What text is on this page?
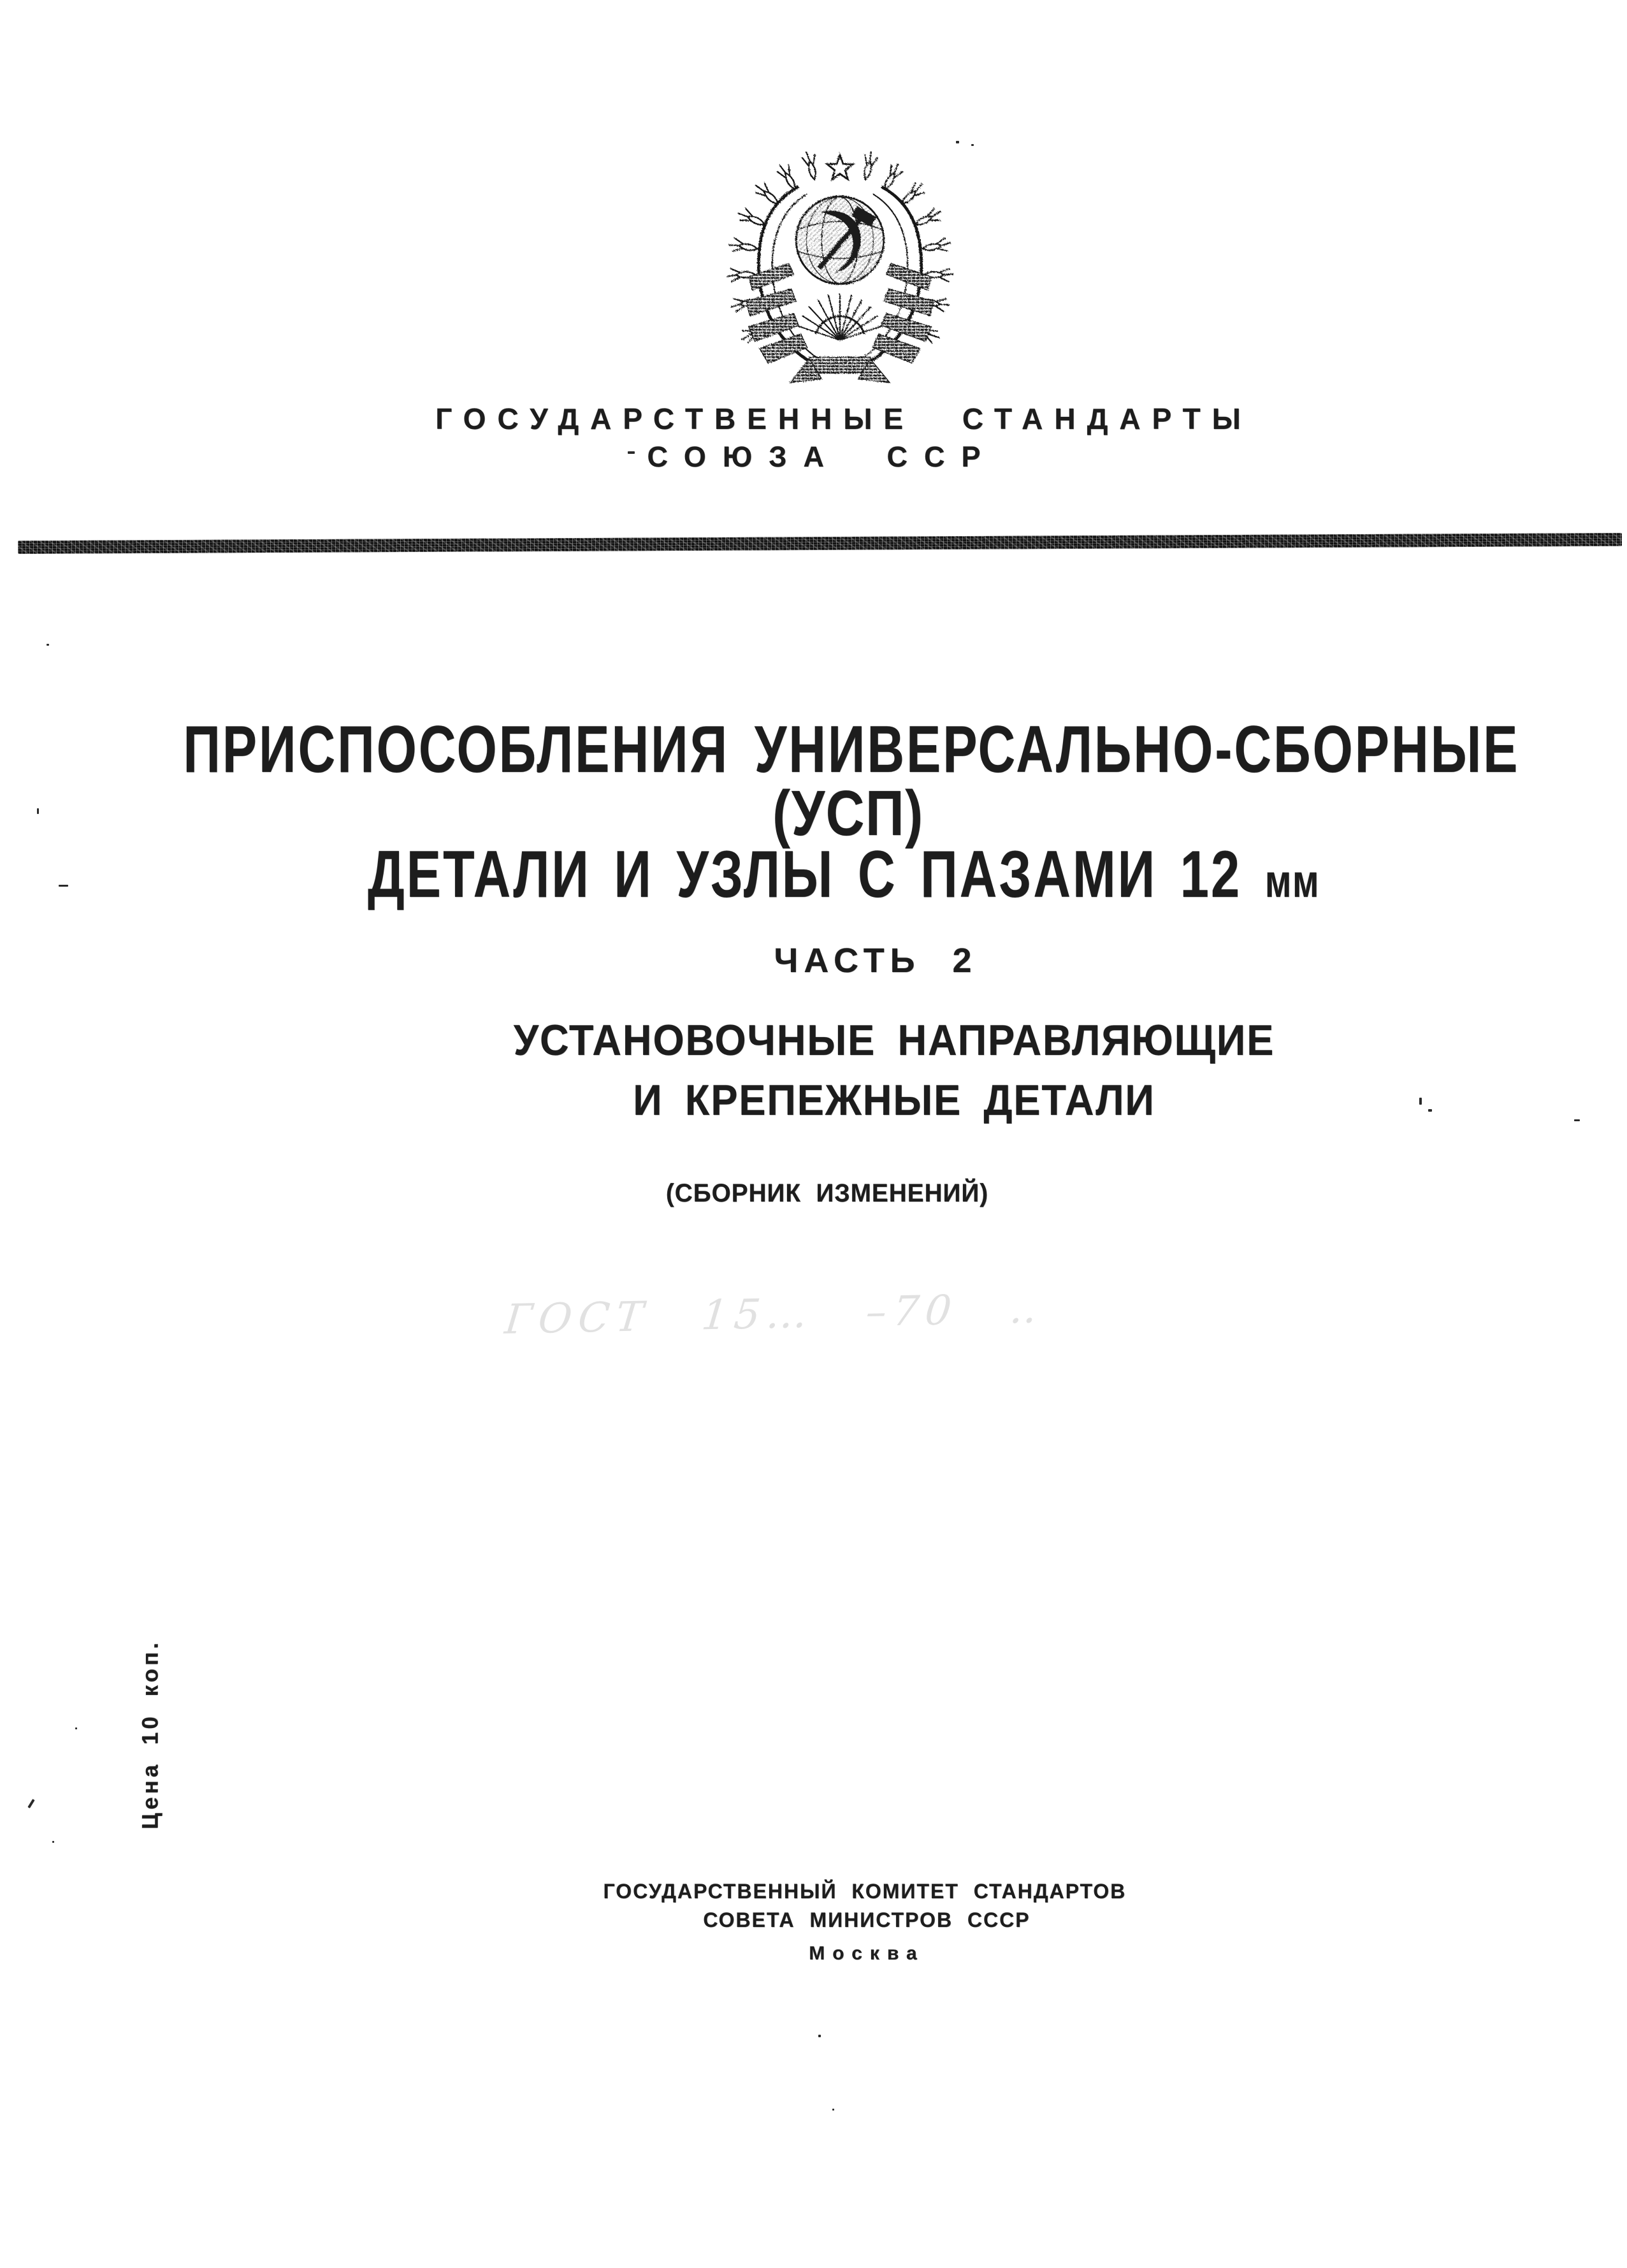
ГОСУДАРСТВЕННЫЕ СТАНДАРТЫ
СОЮЗА ССР
ПРИСПОСОБЛЕНИЯ УНИВЕРСАЛЬНО-СБОРНЫЕ
(УСП)
ДЕТАЛИ И УЗЛЫ С ПАЗАМИ 12 мм
ЧАСТЬ 2
УСТАНОВОЧНЫЕ НАПРАВЛЯЮЩИЕ
И КРЕПЕЖНЫЕ ДЕТАЛИ
(СБОРНИК ИЗМЕНЕНИЙ)
ГОСТ 15… –70 ‥
Цена 10 коп.
ГОСУДАРСТВЕННЫЙ КОМИТЕТ СТАНДАРТОВ
СОВЕТА МИНИСТРОВ СССР
Москва
